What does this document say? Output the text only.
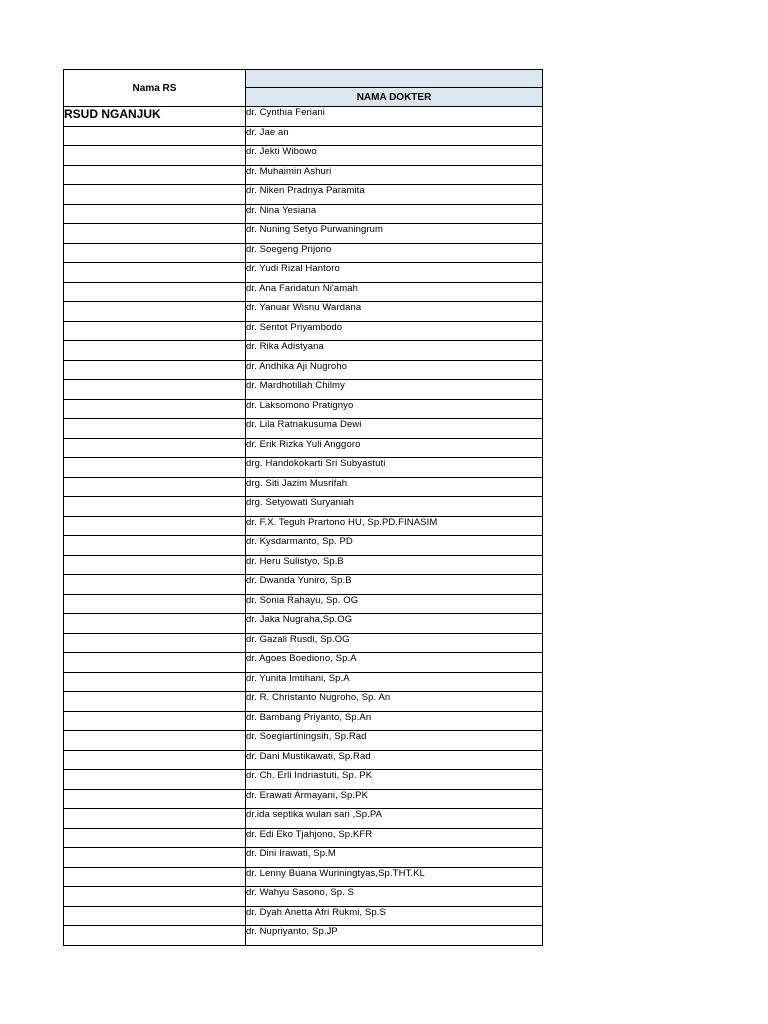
Nama RS	
	NAMA DOKTER
RSUD NGANJUK	dr. Cynthia Feriani
	dr. Jae an
	dr. Jekti Wibowo
	dr. Muhaimin Ashuri
	dr. Niken Pradnya Paramita
	dr. Nina Yesiana
	dr. Nuning Setyo Purwaningrum
	dr. Soegeng Prijono
	dr. Yudi Rizal Hantoro
	dr. Ana Faridatun Ni'amah
	dr. Yanuar Wisnu Wardana
	dr. Sentot Priyambodo
	dr. Rika Adistyana
	dr. Andhika Aji Nugroho
	dr. Mardhotillah Chilmy
	dr. Laksomono Pratignyo
	dr. Lila Ratnakusuma Dewi
	dr. Erik Rizka Yuli Anggoro
	drg. Handokokarti Sri Subyastuti
	drg. Siti Jazim Musrifah
	drg. Setyowati Suryaniah
	dr. F.X. Teguh Prartono HU, Sp.PD.FINASIM
	dr. Kysdarmanto, Sp. PD
	dr. Heru Sulistyo, Sp.B
	dr. Dwanda Yuniro, Sp.B
	dr. Sonia Rahayu, Sp. OG
	dr. Jaka Nugraha,Sp.OG
	dr. Gazali Rusdi, Sp.OG
	dr. Agoes Boediono, Sp.A
	dr. Yunita Imtihani, Sp.A
	dr. R. Christanto Nugroho, Sp. An
	dr. Bambang Priyanto, Sp.An
	dr. Soegiartiningsih, Sp.Rad
	dr. Dani Mustikawati, Sp.Rad
	dr. Ch. Erli Indriastuti, Sp. PK
	dr. Erawati Armayani, Sp.PK
	dr.ida septika wulan sari ,Sp.PA
	dr. Edi Eko Tjahjono, Sp.KFR
	dr. Dini Irawati, Sp.M
	dr. Lenny Buana Wuriningtyas,Sp.THT.KL
	dr. Wahyu Sasono, Sp. S
	dr. Dyah Anetta Afri Rukmi, Sp.S
	dr. Nupriyanto, Sp.JP
